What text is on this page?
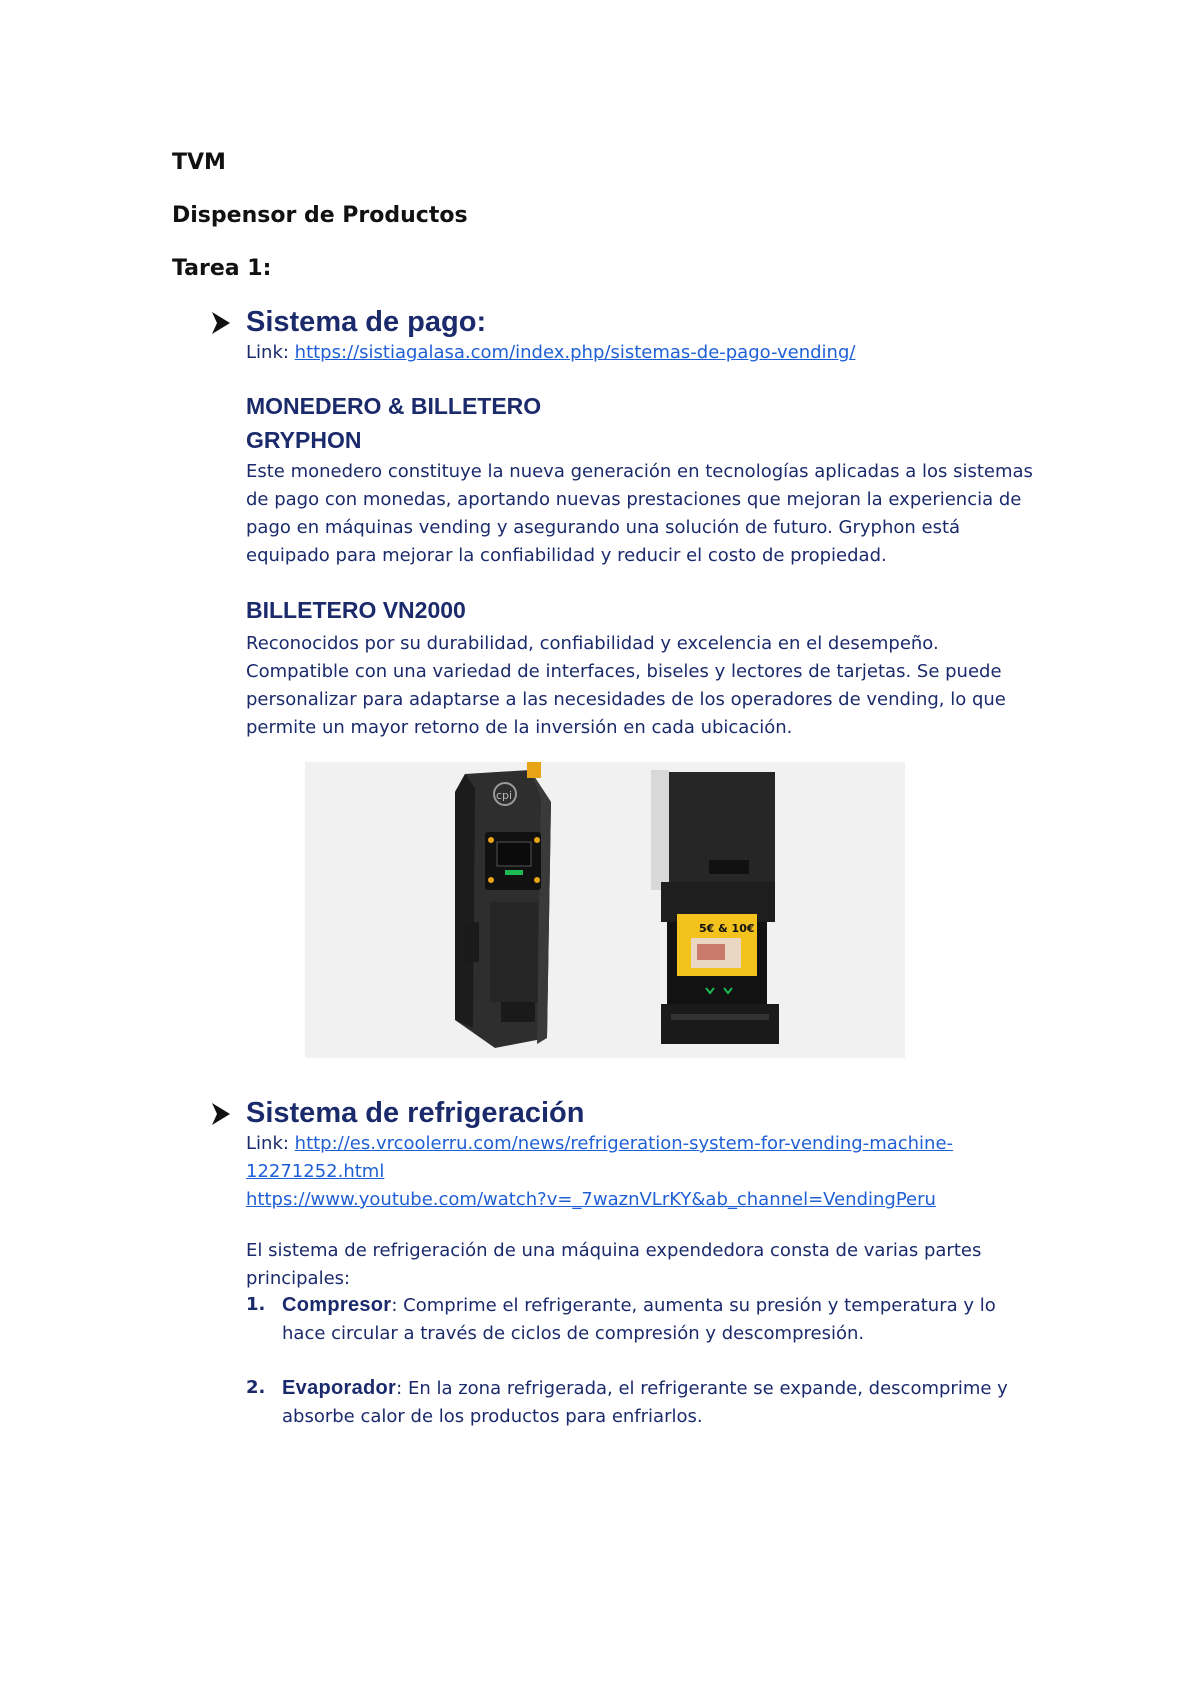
TVM
Dispensor de Productos
Tarea 1:
Sistema de pago:

Link: https://sistiagalasa.com/index.php/sistemas-de-pago-vending/

MONEDERO & BILLETERO
GRYPHON

Este monedero constituye la nueva generación en tecnologías aplicadas a los sistemas de pago con monedas, aportando nuevas prestaciones que mejoran la experiencia de pago en máquinas vending y asegurando una solución de futuro. Gryphon está equipado para mejorar la confiabilidad y reducir el costo de propiedad.

BILLETERO VN2000

Reconocidos por su durabilidad, confiabilidad y excelencia en el desempeño. Compatible con una variedad de interfaces, biseles y lectores de tarjetas. Se puede personalizar para adaptarse a las necesidades de los operadores de vending, lo que permite un mayor retorno de la inversión en cada ubicación.

cpi
5€ & 10€
Sistema de refrigeración

Link: http://es.vrcoolerru.com/news/refrigeration-system-for-vending-machine-
12271252.html
https://www.youtube.com/watch?v=_7waznVLrKY&ab_channel=VendingPeru

El sistema de refrigeración de una máquina expendedora consta de varias partes principales:

1. Compresor: Comprime el refrigerante, aumenta su presión y temperatura y lo hace circular a través de ciclos de compresión y descompresión.
2. Evaporador: En la zona refrigerada, el refrigerante se expande, descomprime y absorbe calor de los productos para enfriarlos.
